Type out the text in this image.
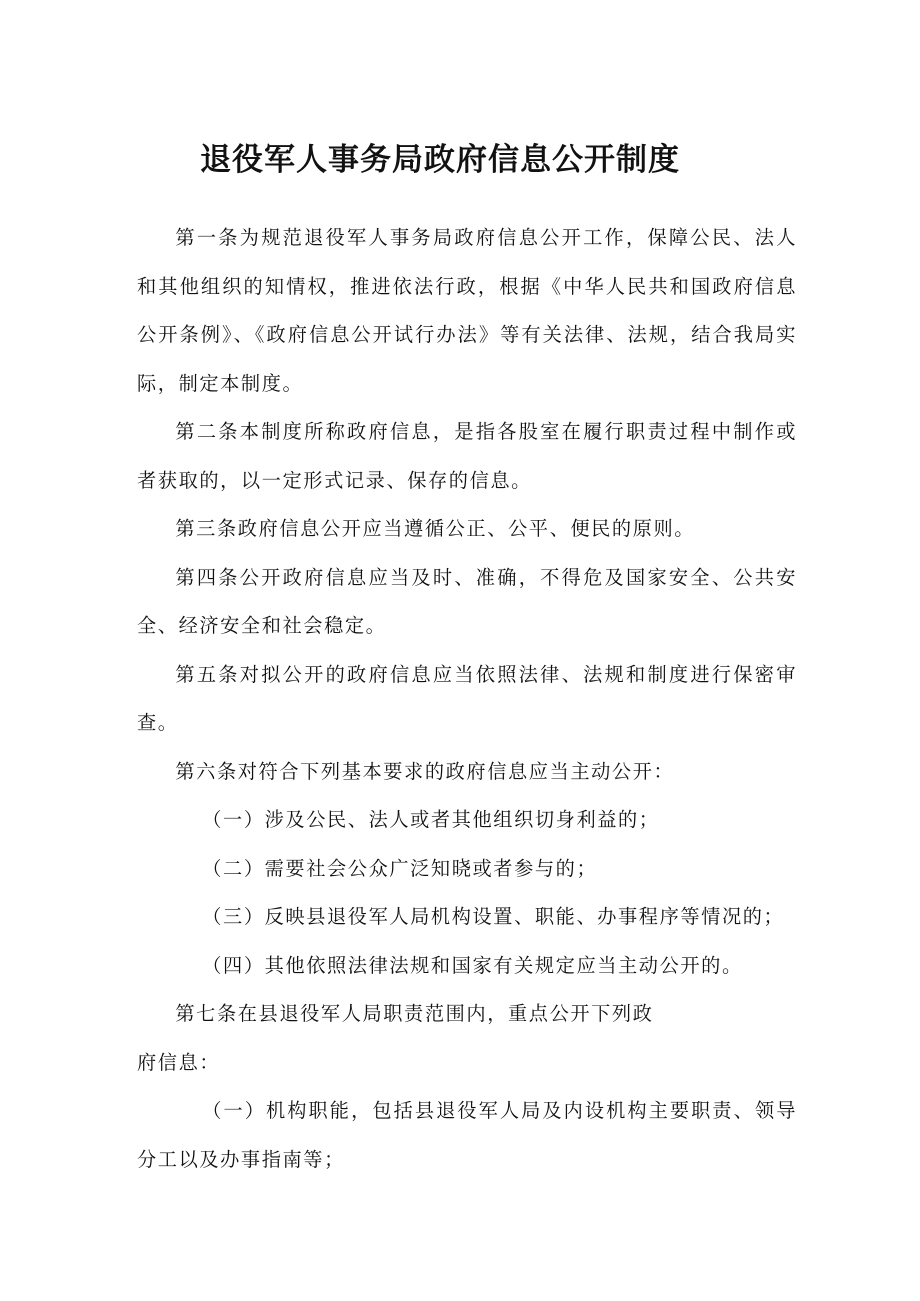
退役军人事务局政府信息公开制度

第一条为规范退役军人事务局政府信息公开工作，保障公民、法人和其他组织的知情权，推进依法行政，根据《中华人民共和国政府信息公开条例》、《政府信息公开试行办法》等有关法律、法规，结合我局实际，制定本制度。

第二条本制度所称政府信息，是指各股室在履行职责过程中制作或者获取的，以一定形式记录、保存的信息。

第三条政府信息公开应当遵循公正、公平、便民的原则。

第四条公开政府信息应当及时、准确，不得危及国家安全、公共安全、经济安全和社会稳定。

第五条对拟公开的政府信息应当依照法律、法规和制度进行保密审查。

第六条对符合下列基本要求的政府信息应当主动公开：

（一）涉及公民、法人或者其他组织切身利益的；

（二）需要社会公众广泛知晓或者参与的；

（三）反映县退役军人局机构设置、职能、办事程序等情况的；

（四）其他依照法律法规和国家有关规定应当主动公开的。

第七条在县退役军人局职责范围内，重点公开下列政
府信息：

（一）机构职能，包括县退役军人局及内设机构主要职责、领导分工以及办事指南等；
